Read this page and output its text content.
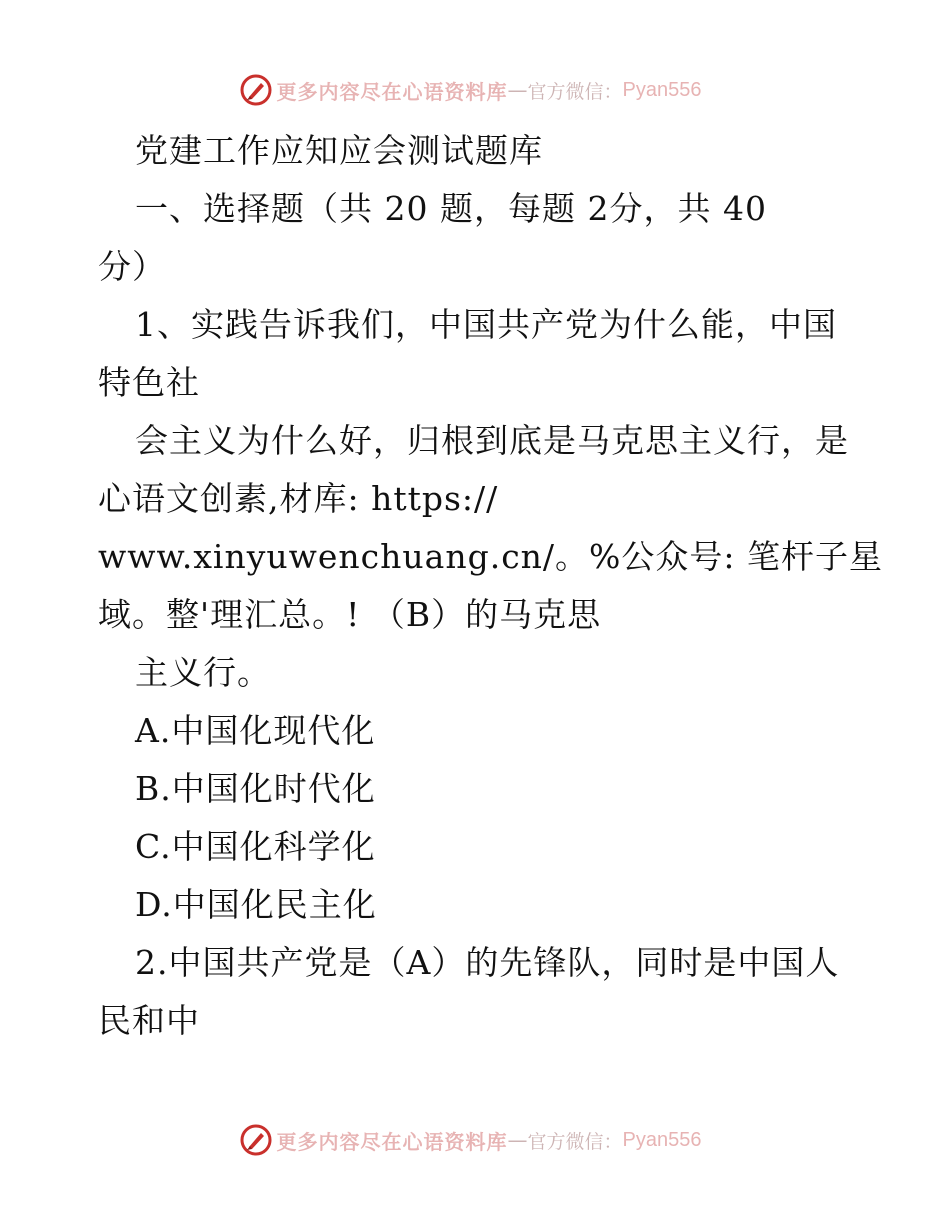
更多内容尽在心语资料库 — 官方微信： Pyan556
党建工作应知应会测试题库
一、选择题（共 20 题，每题 2分，共 40
分）
1、实践告诉我们，中国共产党为什么能，中国
特色社
会主义为什么好，归根到底是马克思主义行，是
心语文创素,材库: https://
www.xinyuwenchuang.cn/。%公众号: 笔杆子星
域。整'理汇总。! （B）的马克思
主义行。
A.中国化现代化
B.中国化时代化
C.中国化科学化
D.中国化民主化
2.中国共产党是（A）的先锋队，同时是中国人
民和中
更多内容尽在心语资料库 — 官方微信： Pyan556
